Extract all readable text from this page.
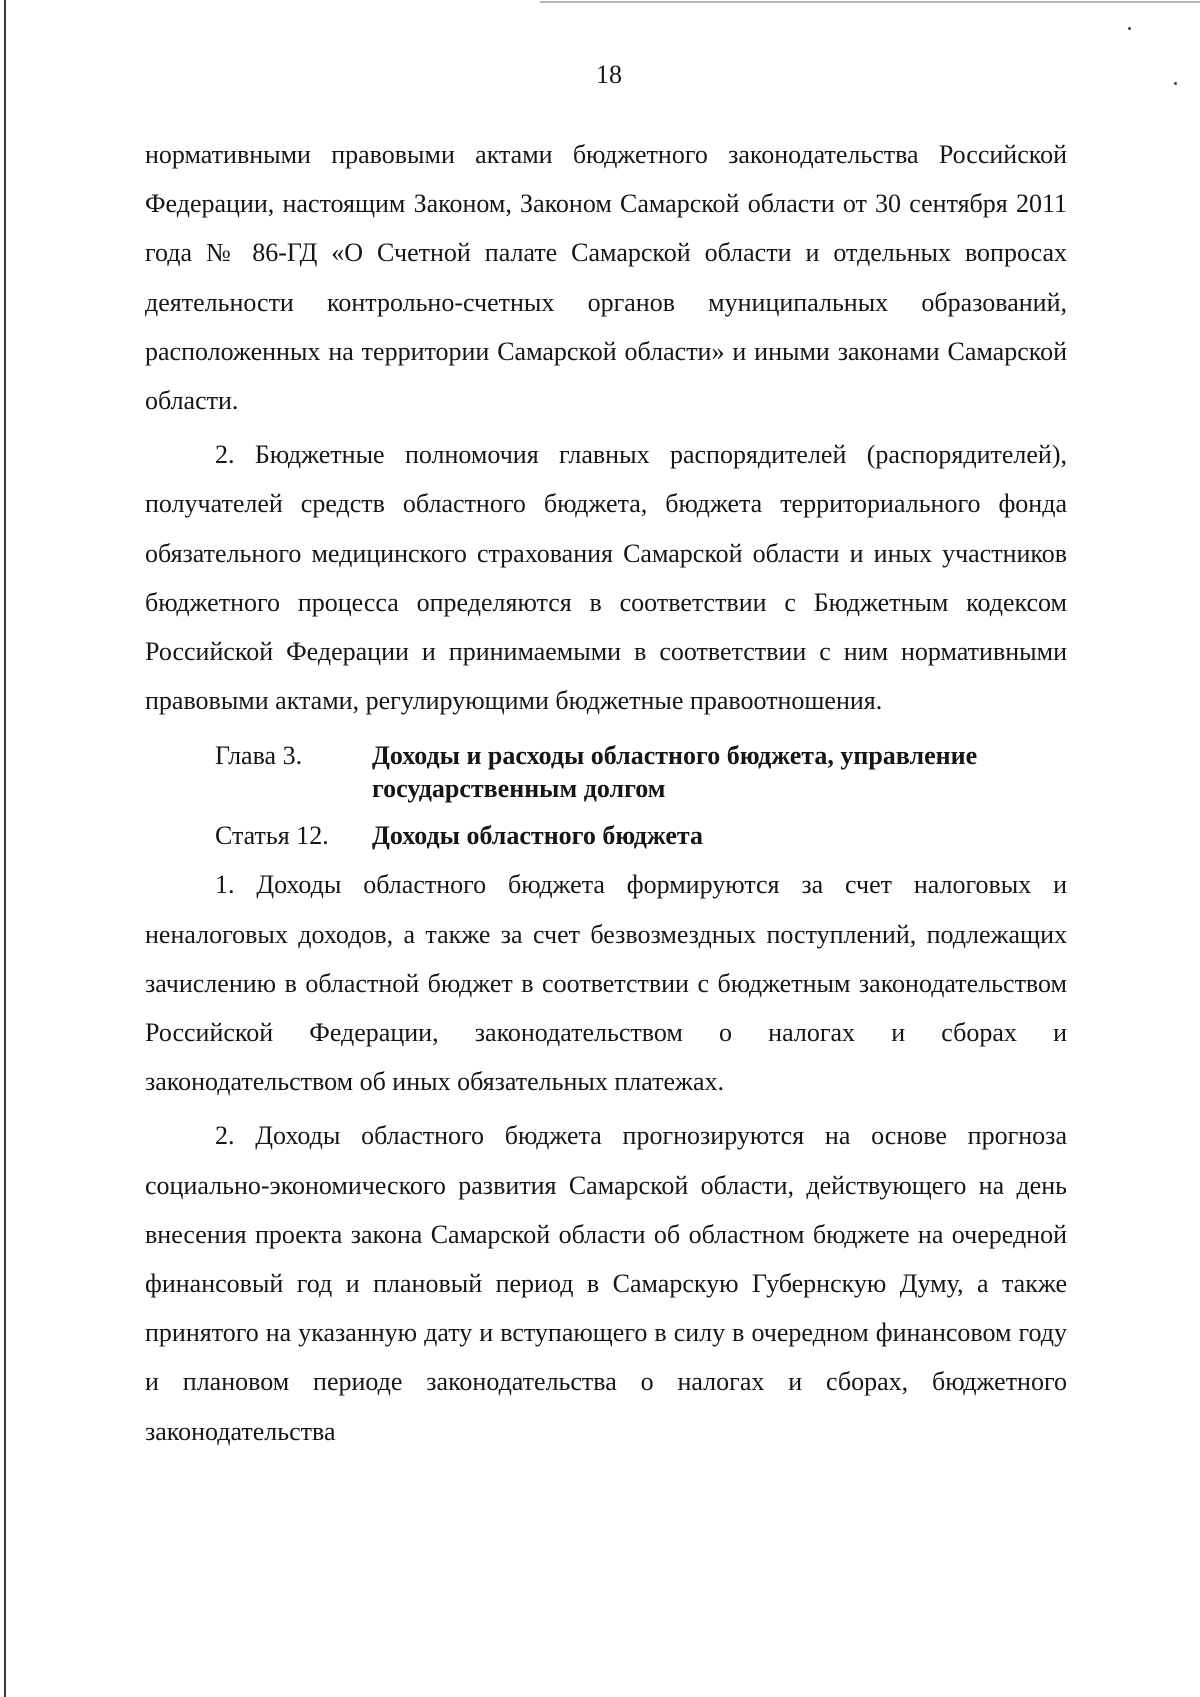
18

нормативными правовыми актами бюджетного законодательства Российской Федерации, настоящим Законом, Законом Самарской области от 30 сентября 2011 года № 86-ГД «О Счетной палате Самарской области и отдельных вопросах деятельности контрольно-счетных органов муниципальных образований, расположенных на территории Самарской области» и иными законами Самарской области.

2. Бюджетные полномочия главных распорядителей (распорядителей), получателей средств областного бюджета, бюджета территориального фонда обязательного медицинского страхования Самарской области и иных участников бюджетного процесса определяются в соответствии с Бюджетным кодексом Российской Федерации и принимаемыми в соответствии с ним нормативными правовыми актами, регулирующими бюджетные правоотношения.

Глава 3.	Доходы и расходы областного бюджета, управление государственным долгом
Статья 12.	Доходы областного бюджета

1. Доходы областного бюджета формируются за счет налоговых и неналоговых доходов, а также за счет безвозмездных поступлений, подлежащих зачислению в областной бюджет в соответствии с бюджетным законодательством Российской Федерации, законодательством о налогах и сборах и законодательством об иных обязательных платежах.

2. Доходы областного бюджета прогнозируются на основе прогноза социально-экономического развития Самарской области, действующего на день внесения проекта закона Самарской области об областном бюджете на очередной финансовый год и плановый период в Самарскую Губернскую Думу, а также принятого на указанную дату и вступающего в силу в очередном финансовом году и плановом периоде законодательства о налогах и сборах, бюджетного законодательства
